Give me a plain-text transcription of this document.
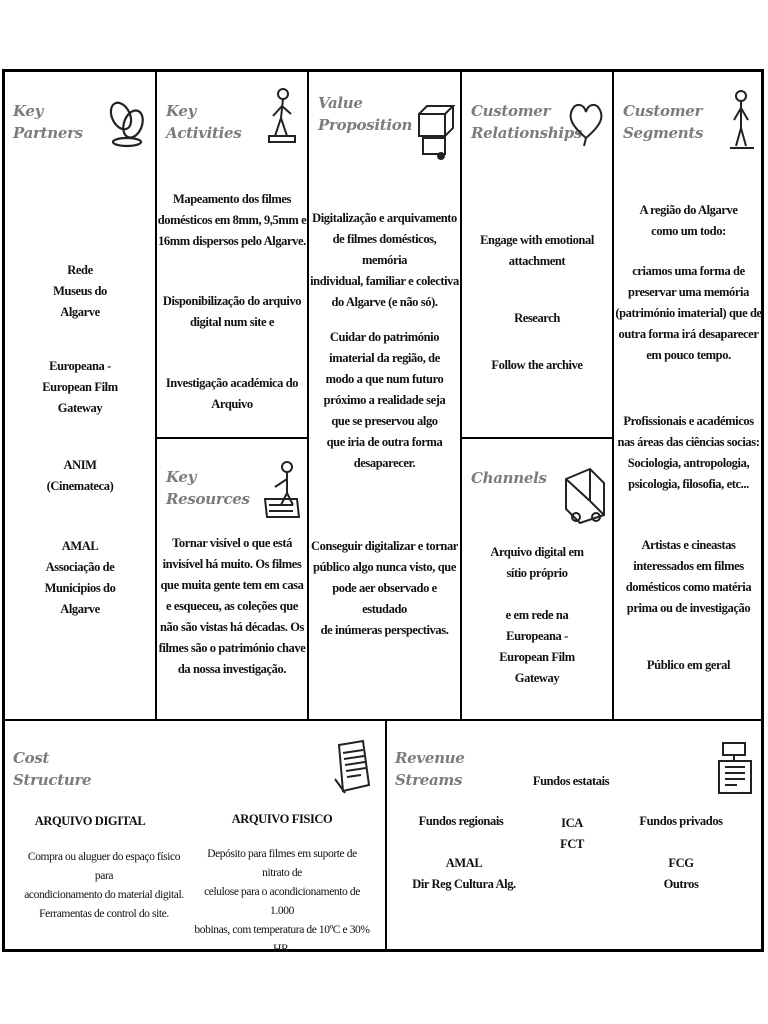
Key
Partners
Rede
Museus do
Algarve
Europeana -
European Film
Gateway
ANIM
(Cinemateca)
AMAL
Associação de
Municipios do
Algarve
Key
Activities
Mapeamento dos filmes
domésticos em 8mm, 9,5mm e
16mm dispersos pelo Algarve.
Disponibilização do arquivo
digital num site e
Investigação académica do
Arquivo
Key
Resources
Tornar visível o que está
invisível há muito. Os filmes
que muita gente tem em casa
e esqueceu, as coleções que
não são vistas há décadas. Os
filmes são o património chave
da nossa investigação.
Value
Proposition
Digitalização e arquivamento
de filmes domésticos, memória
individual, familiar e colectiva
do Algarve (e não só).
Cuidar do património
imaterial da região, de
modo a que num futuro
próximo a realidade seja
que se preservou algo
que iria de outra forma
desaparecer.
Conseguir digitalizar e tornar
público algo nunca visto, que
pode aer observado e estudado
de inúmeras perspectivas.
Customer
Relationships
Engage with emotional
attachment
Research
Follow the archive
Channels
Arquivo digital em
sítio próprio
e em rede na
Europeana -
European Film
Gateway
Customer
Segments
A região do Algarve
como um todo:
criamos uma forma de
preservar uma memória
(património imaterial) que de
outra forma irá desaparecer
em pouco tempo.
Profissionais e académicos
nas áreas das ciências socias:
Sociologia, antropologia,
psicologia, filosofia, etc...
Artistas e cineastas
interessados em filmes
domésticos como matéria
prima ou de investigação
Público em geral
Cost
Structure
ARQUIVO DIGITAL
Compra ou aluguer do espaço físico para
acondicionamento do material digital.
Ferramentas de control do site.
ARQUIVO FISICO
Depósito para filmes em suporte de nitrato de
celulose para o acondicionamento de 1.000
bobinas, com temperatura de 10ºC e 30% HR.
Revenue
Streams	Fundos estatais
Fundos regionais	ICA
FCT
Fundos privados
AMAL
Dir Reg Cultura Alg.
FCG
Outros
